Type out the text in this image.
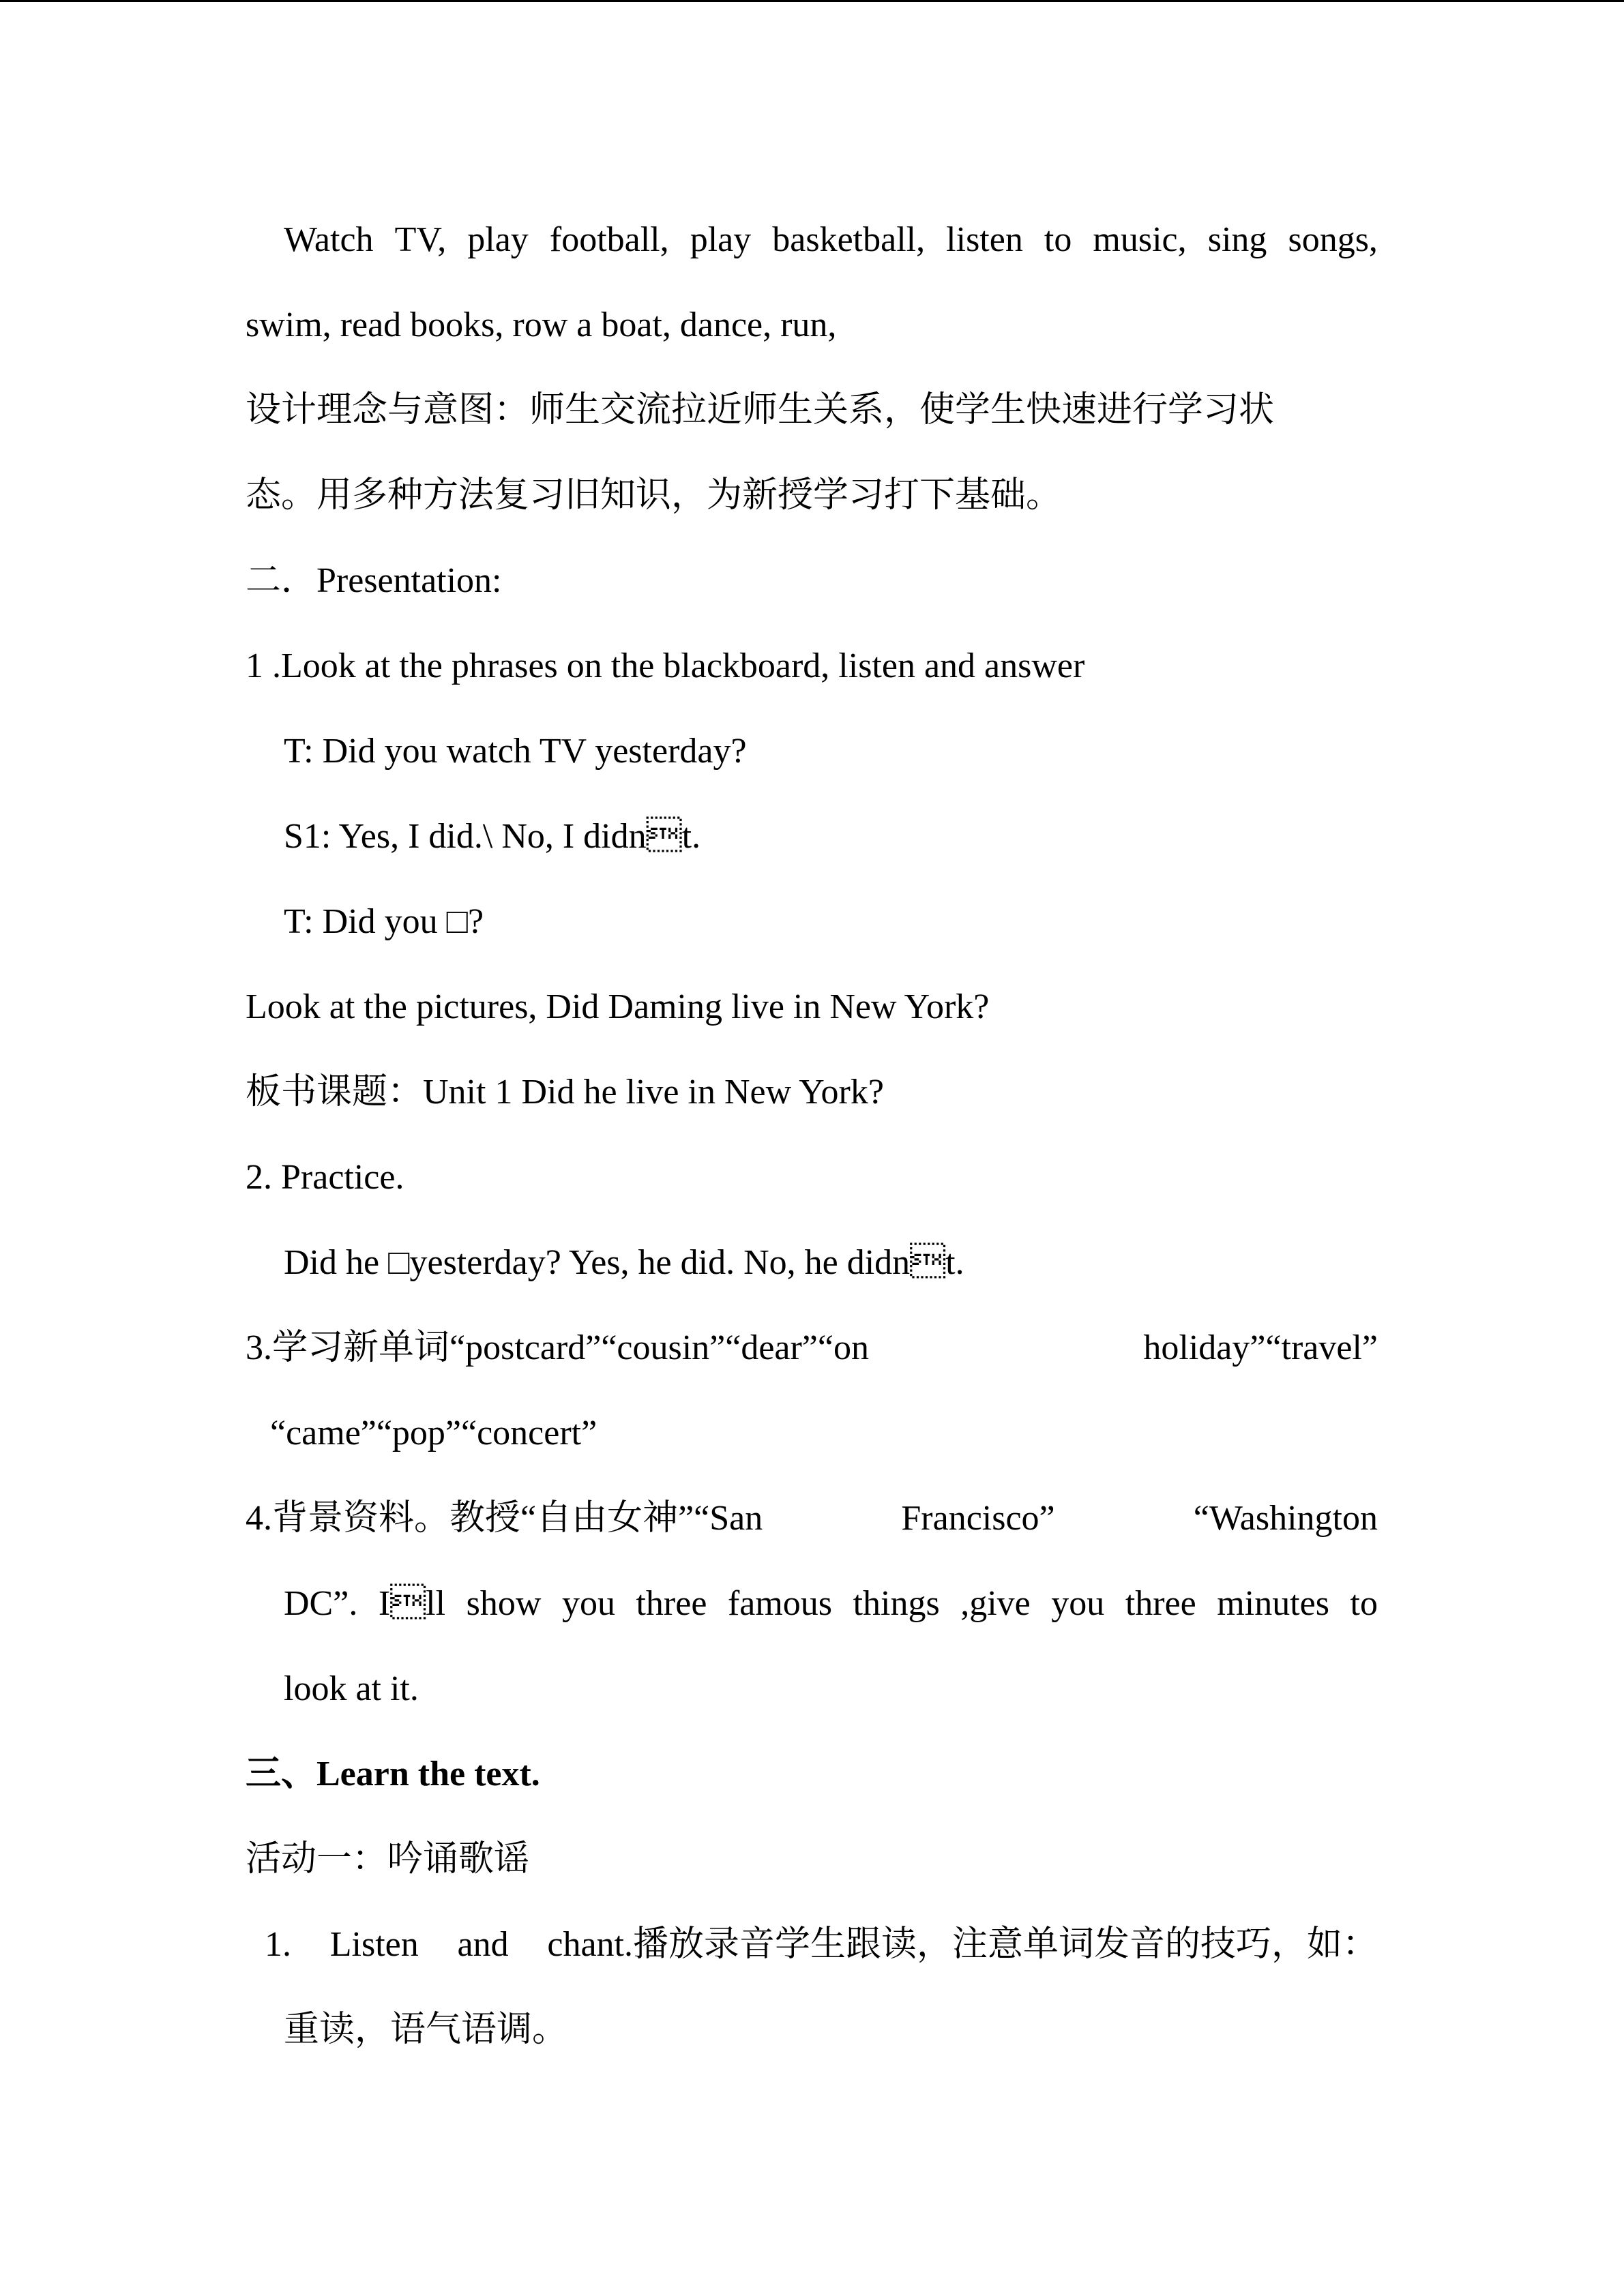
Watch TV, play football, play basketball, listen to music, sing songs,
swim, read books, row a boat, dance, run,
设计理念与意图：师生交流拉近师生关系，使学生快速进行学习状
态。用多种方法复习旧知识，为新授学习打下基础。
二．Presentation:
1 .Look at the phrases on the blackboard, listen and answer
T: Did you watch TV yesterday?
S1: Yes, I did.\ No, I didnt.
T: Did you □?
Look at the pictures, Did Daming live in New York?
板书课题：Unit 1 Did he live in New York?
2. Practice.
Did he □yesterday? Yes, he did. No, he didnt.
3.学习新单词“postcard”“cousin”“dear”“on	holiday”“travel”
“came”“pop”“concert”
4.背景资料。教授“自由女神”“San	Francisco”	“Washington
DC”. Ill show you three famous things ,give you three minutes to
look at it.
三、Learn the text.
活动一：吟诵歌谣
1. Listen and chant.播放录音学生跟读，注意单词发音的技巧，如：
重读，语气语调。
